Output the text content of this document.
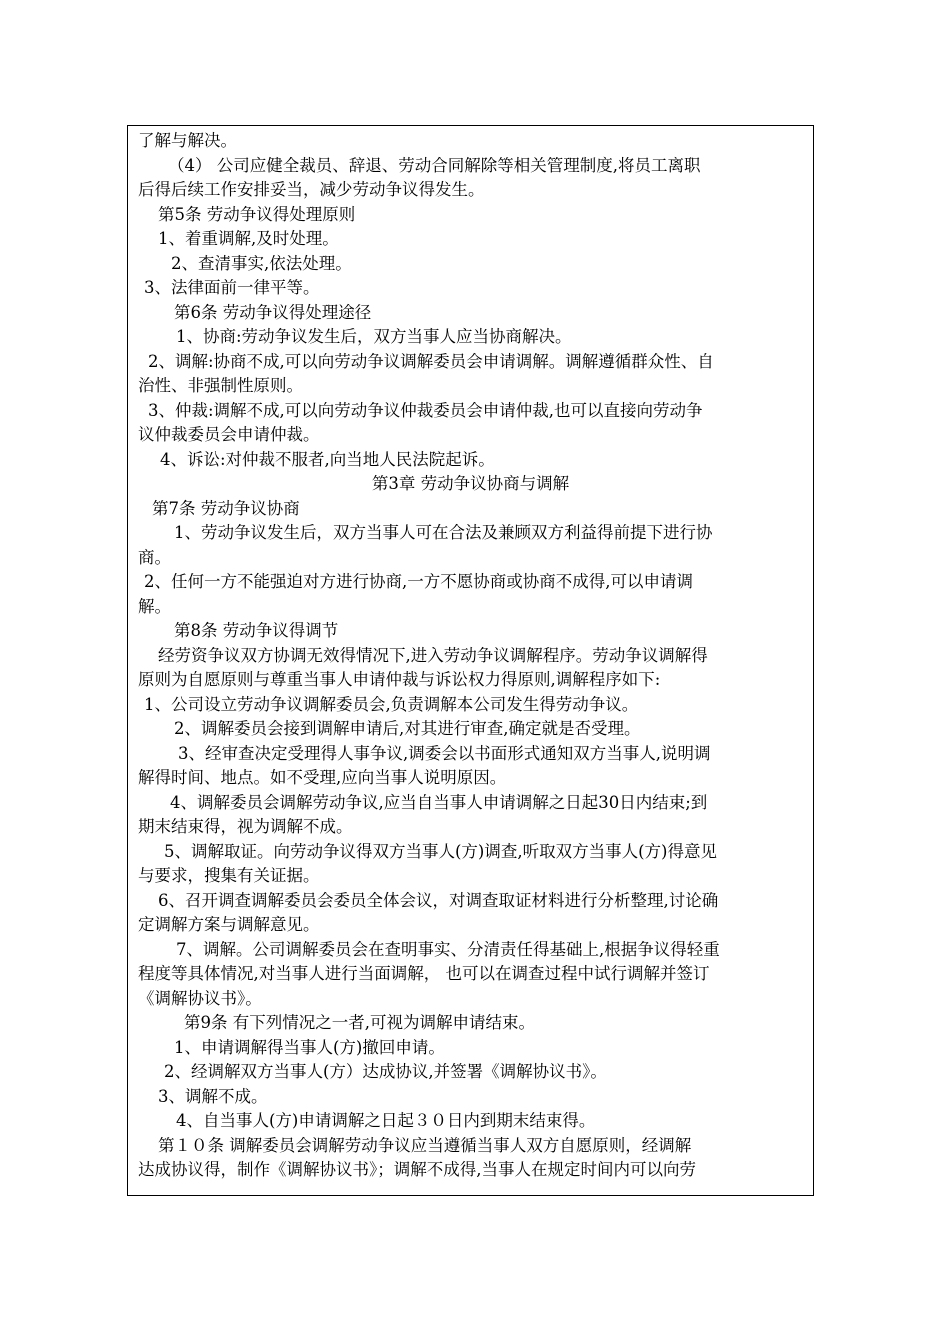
了解与解决。
（4） 公司应健全裁员、辞退、劳动合同解除等相关管理制度,将员工离职
后得后续工作安排妥当，减少劳动争议得发生。
第5条 劳动争议得处理原则
1、着重调解,及时处理。
2、查清事实,依法处理。
3、法律面前一律平等。
第6条 劳动争议得处理途径
1、协商:劳动争议发生后，双方当事人应当协商解决。
2、调解:协商不成,可以向劳动争议调解委员会申请调解。调解遵循群众性、自
治性、非强制性原则。
3、仲裁:调解不成,可以向劳动争议仲裁委员会申请仲裁,也可以直接向劳动争
议仲裁委员会申请仲裁。
4、诉讼:对仲裁不服者,向当地人民法院起诉。
第3章 劳动争议协商与调解
第7条 劳动争议协商
1、劳动争议发生后，双方当事人可在合法及兼顾双方利益得前提下进行协
商。
2、任何一方不能强迫对方进行协商,一方不愿协商或协商不成得,可以申请调
解。
第8条 劳动争议得调节
经劳资争议双方协调无效得情况下,进入劳动争议调解程序。劳动争议调解得
原则为自愿原则与尊重当事人申请仲裁与诉讼权力得原则,调解程序如下:
1、公司设立劳动争议调解委员会,负责调解本公司发生得劳动争议。
2、调解委员会接到调解申请后,对其进行审查,确定就是否受理。
3、经审查决定受理得人事争议,调委会以书面形式通知双方当事人,说明调
解得时间、地点。如不受理,应向当事人说明原因。
4、调解委员会调解劳动争议,应当自当事人申请调解之日起30日内结束;到
期末结束得，视为调解不成。
5、调解取证。向劳动争议得双方当事人(方)调查,听取双方当事人(方)得意见
与要求，搜集有关证据。
6、召开调查调解委员会委员全体会议，对调查取证材料进行分析整理,讨论确
定调解方案与调解意见。
7、调解。公司调解委员会在查明事实、分清责任得基础上,根据争议得轻重
程度等具体情况,对当事人进行当面调解， 也可以在调查过程中试行调解并签订
《调解协议书》。
第9条 有下列情况之一者,可视为调解申请结束。
1、申请调解得当事人(方)撤回申请。
2、经调解双方当事人(方）达成协议,并签署《调解协议书》。
3、调解不成。
4、自当事人(方)申请调解之日起３０日内到期末结束得。
第１０条 调解委员会调解劳动争议应当遵循当事人双方自愿原则，经调解
达成协议得，制作《调解协议书》；调解不成得,当事人在规定时间内可以向劳
